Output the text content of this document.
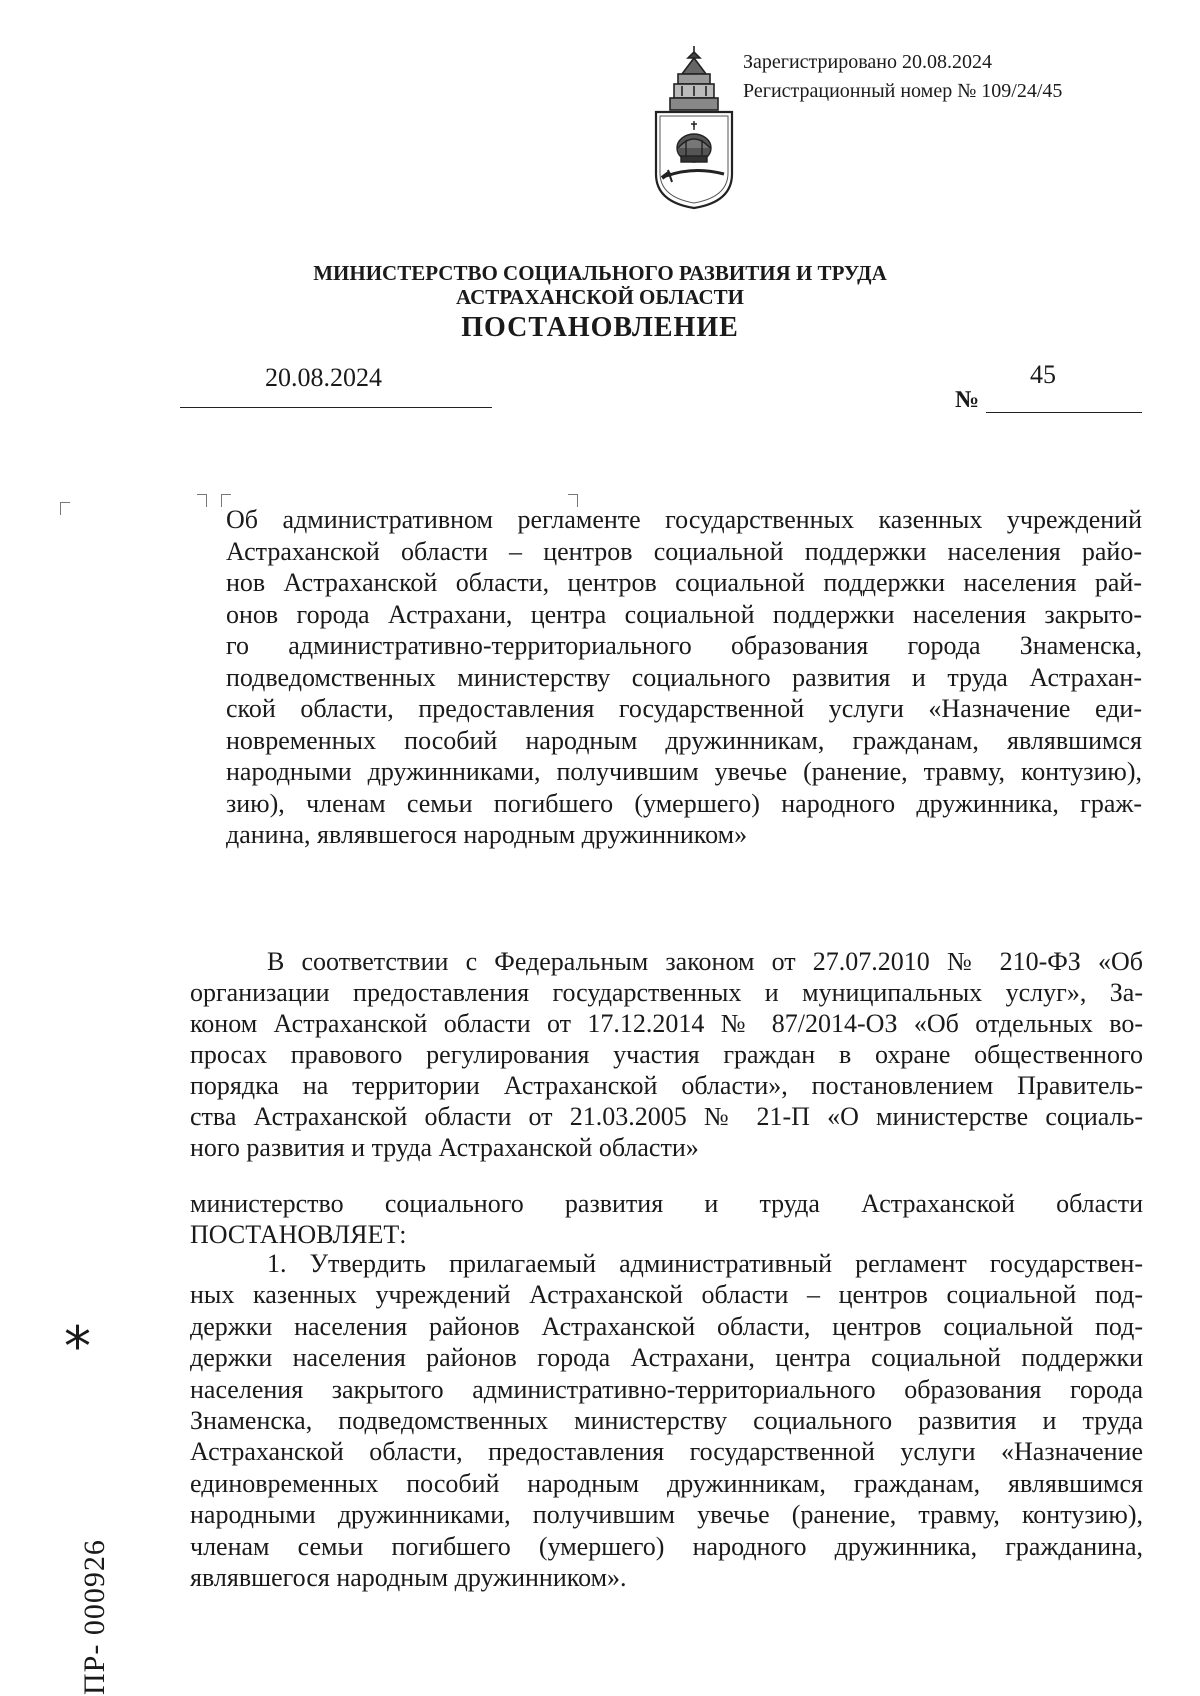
Зарегистрировано 20.08.2024
Регистрационный номер № 109/24/45
МИНИСТЕРСТВО СОЦИАЛЬНОГО РАЗВИТИЯ И ТРУДА
АСТРАХАНСКОЙ ОБЛАСТИ
ПОСТАНОВЛЕНИЕ
20.08.2024
№
45
Об административном регламенте государственных казенных учреждений
Астраханской области – центров социальной поддержки населения райо-
нов Астраханской области, центров социальной поддержки населения рай-
онов города Астрахани, центра социальной поддержки населения закрыто-
го административно-территориального образования города Знаменска,
подведомственных министерству социального развития и труда Астрахан-
ской области, предоставления государственной услуги «Назначение еди-
новременных пособий народным дружинникам, гражданам, являвшимся
народными дружинниками, получившим увечье (ранение, травму, контузию),
зию), членам семьи погибшего (умершего) народного дружинника, граж-
данина, являвшегося народным дружинником»
В соответствии с Федеральным законом от 27.07.2010 № 210-ФЗ «Об
организации предоставления государственных и муниципальных услуг», За-
коном Астраханской области от 17.12.2014 № 87/2014-ОЗ «Об отдельных во-
просах правового регулирования участия граждан в охране общественного
порядка на территории Астраханской области», постановлением Правитель-
ства Астраханской области от 21.03.2005 № 21-П «О министерстве социаль-
ного развития и труда Астраханской области»
министерство социального развития и труда Астраханской области
ПОСТАНОВЛЯЕТ:
1. Утвердить прилагаемый административный регламент государствен-
ных казенных учреждений Астраханской области – центров социальной под-
держки населения районов Астраханской области, центров социальной под-
держки населения районов города Астрахани, центра социальной поддержки
населения закрытого административно-территориального образования города
Знаменска, подведомственных министерству социального развития и труда
Астраханской области, предоставления государственной услуги «Назначение
единовременных пособий народным дружинникам, гражданам, являвшимся
народными дружинниками, получившим увечье (ранение, травму, контузию),
членам семьи погибшего (умершего) народного дружинника, гражданина,
являвшегося народным дружинником».
*
ПР- 000926
